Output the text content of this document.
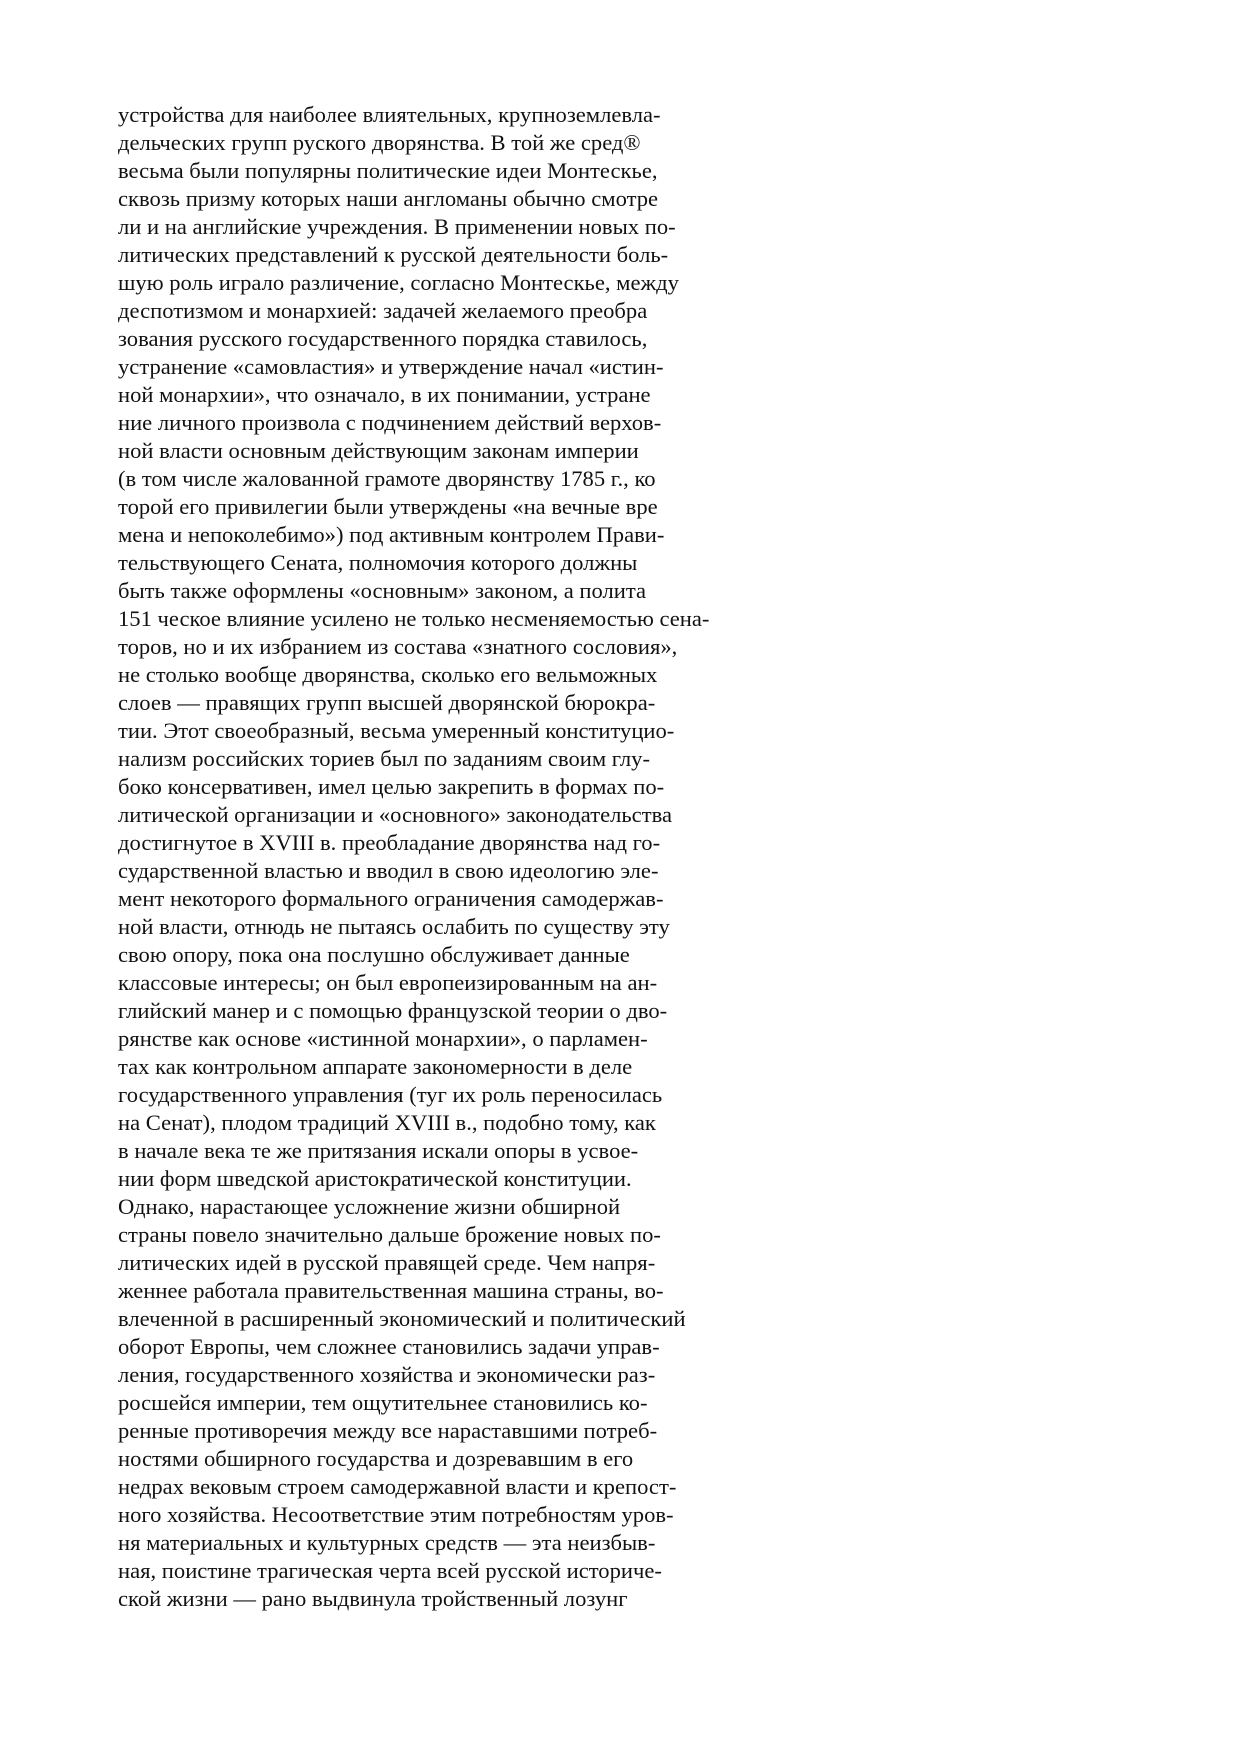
устройства для наиболее влиятельных, крупноземлевла-
дельческих групп руского дворянства. В той же сред®
весьма были популярны политические идеи Монтескье,
сквозь призму которых наши англоманы обычно смотре
ли и на английские учреждения. В применении новых по-
литических представлений к русской деятельности боль-
шую роль играло различение, согласно Монтескье, между
деспотизмом и монархией: задачей желаемого преобра
зования русского государственного порядка ставилось,
устранение «самовластия» и утверждение начал «истин-
ной монархии», что означало, в их понимании, устране
ние личного произвола с подчинением действий верхов-
ной власти основным действующим законам империи
(в том числе жалованной грамоте дворянству 1785 г., ко
торой его привилегии были утверждены «на вечные вре
мена и непоколебимо») под активным контролем Прави-
тельствующего Сената, полномочия которого должны
быть также оформлены «основным» законом, а полита
151 ческое влияние усилено не только несменяемостью сена-
торов, но и их избранием из состава «знатного сословия»,
не столько вообще дворянства, сколько его вельможных
слоев — правящих групп высшей дворянской бюрокра-
тии. Этот своеобразный, весьма умеренный конституцио-
нализм российских ториев был по заданиям своим глу-
боко консервативен, имел целью закрепить в формах по-
литической организации и «основного» законодательства
достигнутое в XVIII в. преобладание дворянства над го-
сударственной властью и вводил в свою идеологию эле-
мент некоторого формального ограничения самодержав-
ной власти, отнюдь не пытаясь ослабить по существу эту
свою опору, пока она послушно обслуживает данные
классовые интересы; он был европеизированным на ан-
глийский манер и с помощью французской теории о дво-
рянстве как основе «истинной монархии», о парламен-
тах как контрольном аппарате закономерности в деле
государственного управления (туг их роль переносилась
на Сенат), плодом традиций XVIII в., подобно тому, как
в начале века те же притязания искали опоры в усвое-
нии форм шведской аристократической конституции.
Однако, нарастающее усложнение жизни обширной
страны повело значительно дальше брожение новых по-
литических идей в русской правящей среде. Чем напря-
женнее работала правительственная машина страны, во-
влеченной в расширенный экономический и политический
оборот Европы, чем сложнее становились задачи управ-
ления, государственного хозяйства и экономически раз-
росшейся империи, тем ощутительнее становились ко-
ренные противоречия между все нараставшими потреб-
ностями обширного государства и дозревавшим в его
недрах вековым строем самодержавной власти и крепост-
ного хозяйства. Несоответствие этим потребностям уров-
ня материальных и культурных средств — эта неизбыв-
ная, поистине трагическая черта всей русской историче-
ской жизни — рано выдвинула тройственный лозунг
